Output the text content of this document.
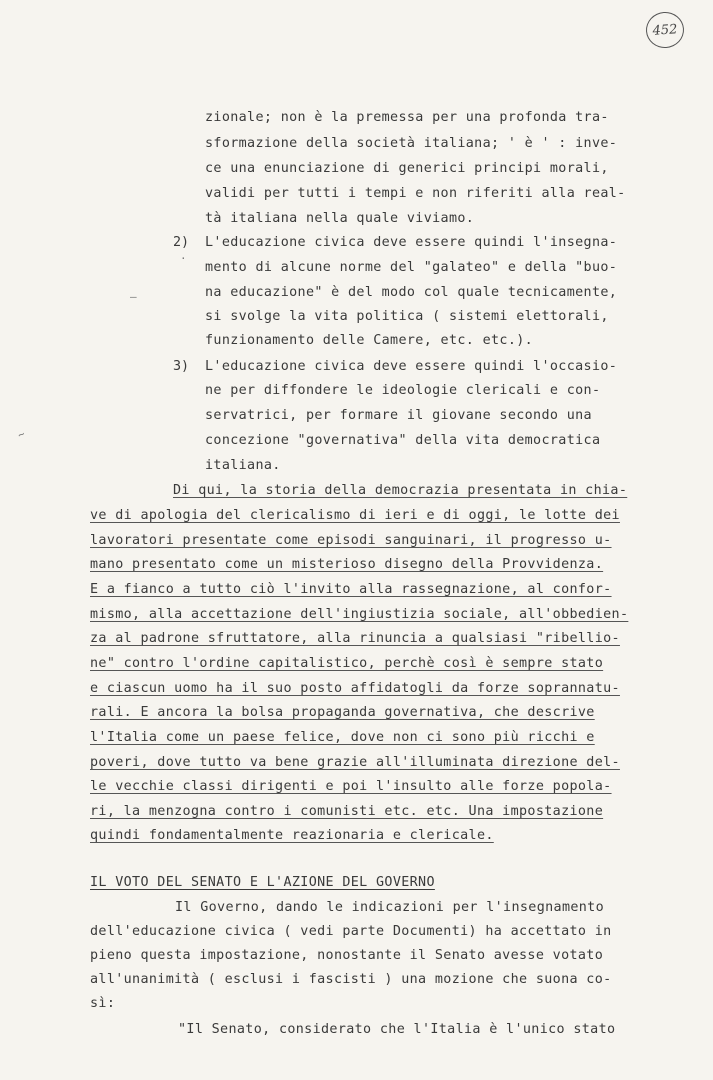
452
zionale; non è la premessa per una profonda tra-
sformazione della società italiana; ' è ' : inve-
ce una enunciazione di generici principi morali,
validi per tutti i tempi e non riferiti alla real-
tà italiana nella quale viviamo.
2) L'educazione civica deve essere quindi l'insegna-
mento di alcune norme del "galateo" e della "buo-
na educazione" è del modo col quale tecnicamente,
si svolge la vita politica ( sistemi elettorali,
funzionamento delle Camere, etc. etc.).
3) L'educazione civica deve essere quindi l'occasio-
ne per diffondere le ideologie clericali e con-
servatrici, per formare il giovane secondo una
concezione "governativa" della vita democratica
italiana.
·
–
~
Di qui, la storia della democrazia presentata in chia-
ve di apologia del clericalismo di ieri e di oggi, le lotte dei
lavoratori presentate come episodi sanguinari, il progresso u-
mano presentato come un misterioso disegno della Provvidenza.
E a fianco a tutto ciò l'invito alla rassegnazione, al confor-
mismo, alla accettazione dell'ingiustizia sociale, all'obbedien-
za al padrone sfruttatore, alla rinuncia a qualsiasi "ribellio-
ne" contro l'ordine capitalistico, perchè così è sempre stato
e ciascun uomo ha il suo posto affidatogli da forze soprannatu-
rali. E ancora la bolsa propaganda governativa, che descrive
l'Italia come un paese felice, dove non ci sono più ricchi e
poveri, dove tutto va bene grazie all'illuminata direzione del-
le vecchie classi dirigenti e poi l'insulto alle forze popola-
ri, la menzogna contro i comunisti etc. etc. Una impostazione
quindi fondamentalmente reazionaria e clericale.
IL VOTO DEL SENATO E L'AZIONE DEL GOVERNO
Il Governo, dando le indicazioni per l'insegnamento
dell'educazione civica ( vedi parte Documenti) ha accettato in
pieno questa impostazione, nonostante il Senato avesse votato
all'unanimità ( esclusi i fascisti ) una mozione che suona co-
sì:
"Il Senato, considerato che l'Italia è l'unico stato
